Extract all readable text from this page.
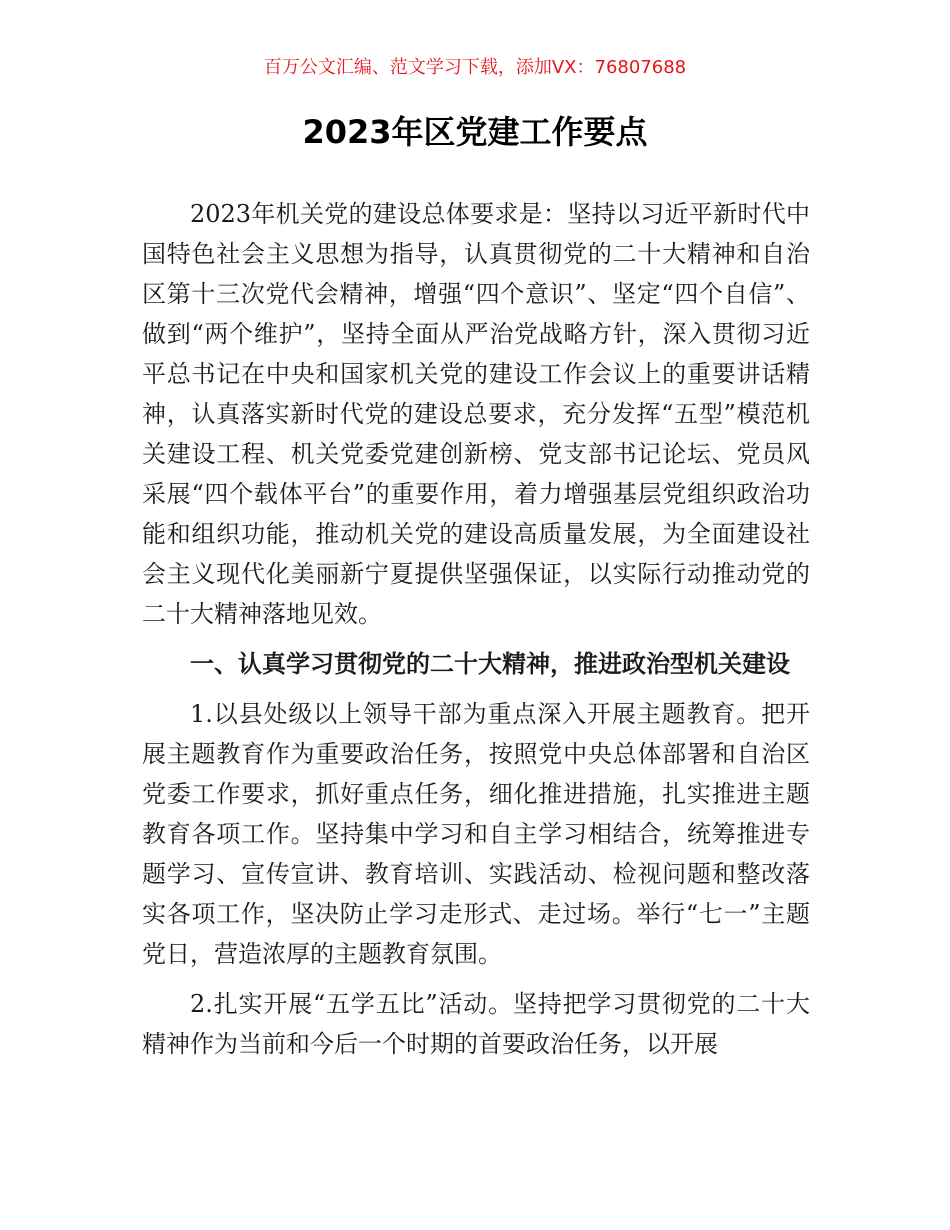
百万公文汇编、范文学习下载，添加VX：76807688
2023年区党建工作要点

2023年机关党的建设总体要求是：坚持以习近平新时代中国特色社会主义思想为指导，认真贯彻党的二十大精神和自治区第十三次党代会精神，增强“四个意识”、坚定“四个自信”、做到“两个维护”，坚持全面从严治党战略方针，深入贯彻习近平总书记在中央和国家机关党的建设工作会议上的重要讲话精神，认真落实新时代党的建设总要求，充分发挥“五型”模范机关建设工程、机关党委党建创新榜、党支部书记论坛、党员风采展“四个载体平台”的重要作用，着力增强基层党组织政治功能和组织功能，推动机关党的建设高质量发展，为全面建设社会主义现代化美丽新宁夏提供坚强保证，以实际行动推动党的二十大精神落地见效。

一、认真学习贯彻党的二十大精神，推进政治型机关建设

1.以县处级以上领导干部为重点深入开展主题教育。把开展主题教育作为重要政治任务，按照党中央总体部署和自治区党委工作要求，抓好重点任务，细化推进措施，扎实推进主题教育各项工作。坚持集中学习和自主学习相结合，统筹推进专题学习、宣传宣讲、教育培训、实践活动、检视问题和整改落实各项工作，坚决防止学习走形式、走过场。举行“七一”主题党日，营造浓厚的主题教育氛围。

2.扎实开展“五学五比”活动。坚持把学习贯彻党的二十大精神作为当前和今后一个时期的首要政治任务，以开展
